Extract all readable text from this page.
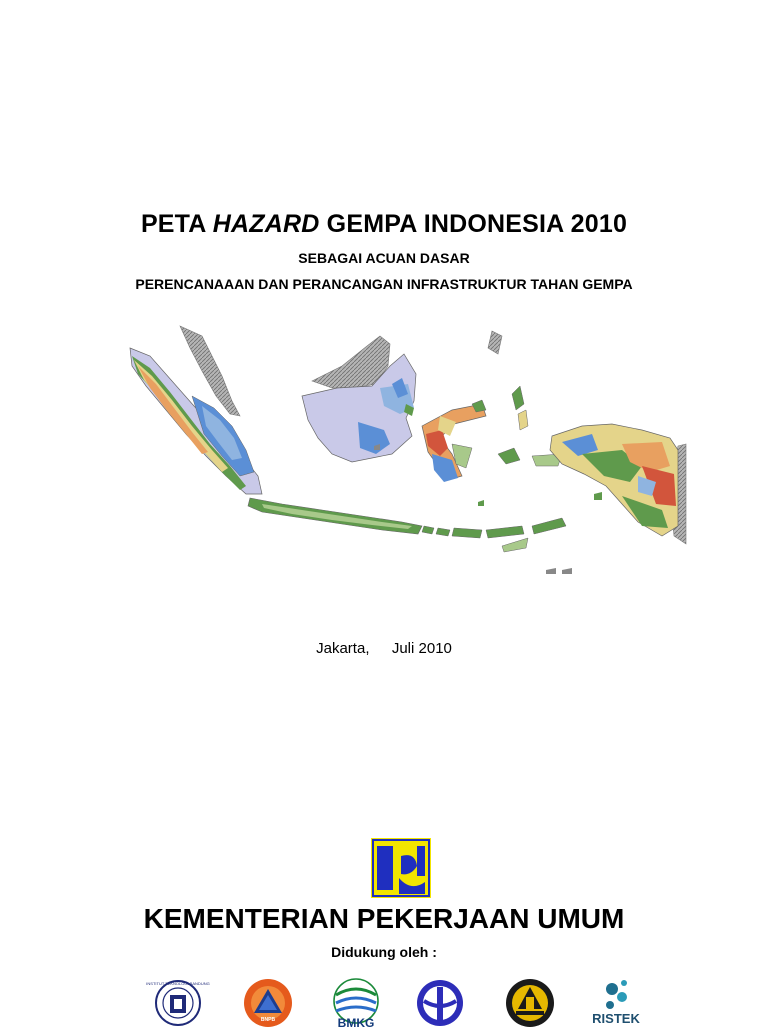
PETA HAZARD GEMPA INDONESIA 2010
SEBAGAI ACUAN DASAR
PERENCANAAAN DAN PERANCANGAN INFRASTRUKTUR TAHAN GEMPA
Jakarta, Juli 2010
KEMENTERIAN PEKERJAAN UMUM
Didukung oleh :
INSTITUT TEKNOLOGI BANDUNG
BNPB	BMKG	RISTEK
